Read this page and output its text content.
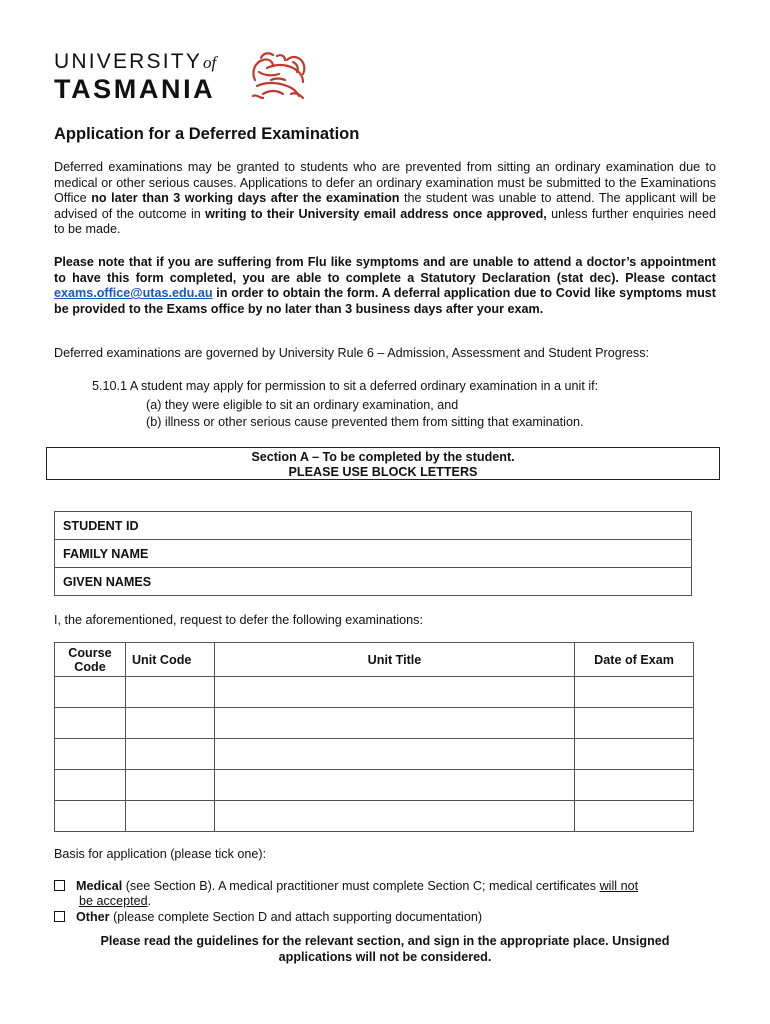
UNIVERSITYof
TASMANIA
Application for a Deferred Examination
Deferred examinations may be granted to students who are prevented from sitting an ordinary examination due to medical or other serious causes. Applications to defer an ordinary examination must be submitted to the Examinations Office no later than 3 working days after the examination the student was unable to attend. The applicant will be advised of the outcome in writing to their University email address once approved, unless further enquiries need to be made.
Please note that if you are suffering from Flu like symptoms and are unable to attend a doctor’s appointment to have this form completed, you are able to complete a Statutory Declaration (stat dec). Please contact exams.office@utas.edu.au in order to obtain the form. A deferral application due to Covid like symptoms must be provided to the Exams office by no later than 3 business days after your exam.
Deferred examinations are governed by University Rule 6 – Admission, Assessment and Student Progress:
5.10.1 A student may apply for permission to sit a deferred ordinary examination in a unit if:
(a) they were eligible to sit an ordinary examination, and
(b) illness or other serious cause prevented them from sitting that examination.
Section A – To be completed by the student.
PLEASE USE BLOCK LETTERS
STUDENT ID
FAMILY NAME
GIVEN NAMES
I, the aforementioned, request to defer the following examinations:
Course
Code	Unit Code	Unit Title	Date of Exam

Basis for application (please tick one):
Medical (see Section B). A medical practitioner must complete Section C; medical certificates will not
be accepted.
Other (please complete Section D and attach supporting documentation)
Please read the guidelines for the relevant section, and sign in the appropriate place. Unsigned
applications will not be considered.
